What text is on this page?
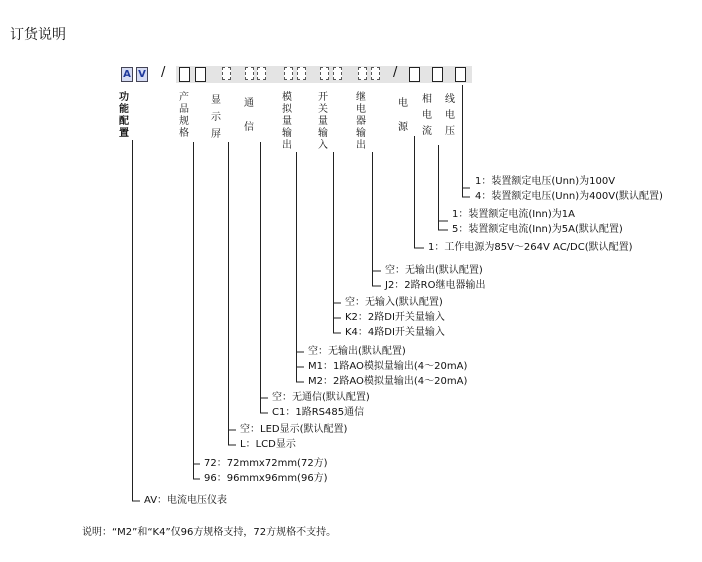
订货说明
A V /	/
功能配置
产品规格
显示屏
通信
模拟量输出
开关量输入
继电器输出
电源
相电流
线电压
1：装置额定电压(Unn)为100V
4：装置额定电压(Unn)为400V(默认配置)
1：装置额定电流(Inn)为1A
5：装置额定电流(Inn)为5A(默认配置)
1：工作电源为85V～264V AC/DC(默认配置)
空：无输出(默认配置)
J2：2路RO继电器输出
空：无输入(默认配置)
K2：2路DI开关量输入
K4：4路DI开关量输入
空：无输出(默认配置)
M1：1路AO模拟量输出(4～20mA)
M2：2路AO模拟量输出(4～20mA)
空：无通信(默认配置)
C1：1路RS485通信
空：LED显示(默认配置)
L：LCD显示
72：72mmx72mm(72方)
96：96mmx96mm(96方)
AV：电流电压仪表
说明：“M2”和“K4”仅96方规格支持，72方规格不支持。
